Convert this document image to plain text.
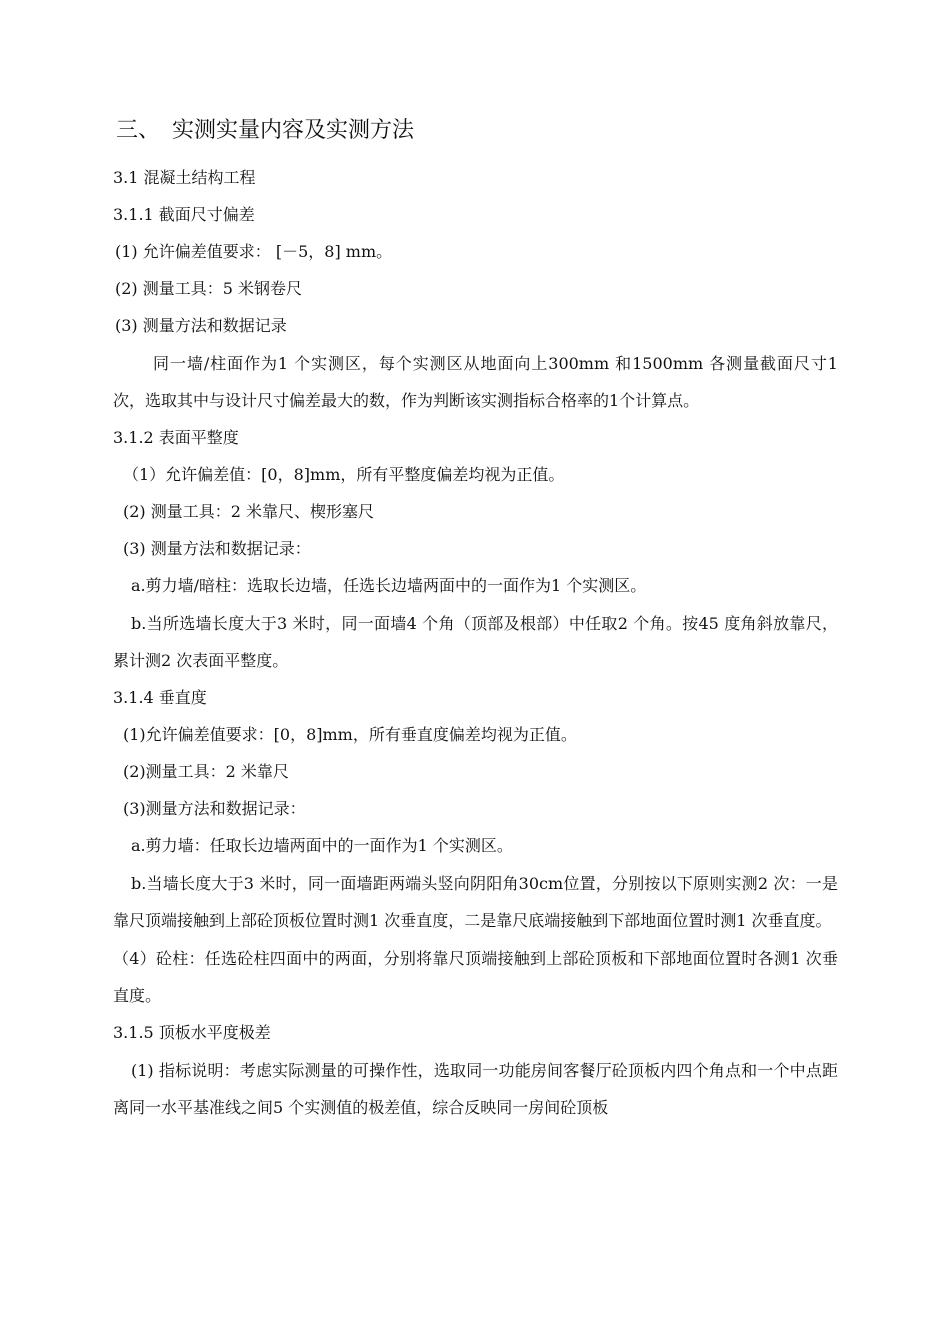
三、 实测实量内容及实测方法
3.1 混凝土结构工程
3.1.1 截面尺寸偏差
(1) 允许偏差值要求： [－5，8] mm。
(2) 测量工具：5 米钢卷尺
(3) 测量方法和数据记录
同一墙/柱面作为1 个实测区，每个实测区从地面向上300mm 和1500mm 各测量截面尺寸1 次，选取其中与设计尺寸偏差最大的数，作为判断该实测指标合格率的1个计算点。
3.1.2 表面平整度
（1）允许偏差值：[0，8]mm，所有平整度偏差均视为正值。
(2) 测量工具：2 米靠尺、楔形塞尺
(3) 测量方法和数据记录：
a.剪力墙/暗柱：选取长边墙，任选长边墙两面中的一面作为1 个实测区。
b.当所选墙长度大于3 米时，同一面墙4 个角（顶部及根部）中任取2 个角。按45 度角斜放靠尺，累计测2 次表面平整度。
3.1.4 垂直度
(1)允许偏差值要求：[0，8]mm，所有垂直度偏差均视为正值。
(2)测量工具：2 米靠尺
(3)测量方法和数据记录：
a.剪力墙：任取长边墙两面中的一面作为1 个实测区。
b.当墙长度大于3 米时，同一面墙距两端头竖向阴阳角30cm位置，分别按以下原则实测2 次：一是靠尺顶端接触到上部砼顶板位置时测1 次垂直度，二是靠尺底端接触到下部地面位置时测1 次垂直度。
（4）砼柱：任选砼柱四面中的两面，分别将靠尺顶端接触到上部砼顶板和下部地面位置时各测1 次垂直度。
3.1.5 顶板水平度极差
(1) 指标说明：考虑实际测量的可操作性，选取同一功能房间客餐厅砼顶板内四个角点和一个中点距离同一水平基准线之间5 个实测值的极差值，综合反映同一房间砼顶板
